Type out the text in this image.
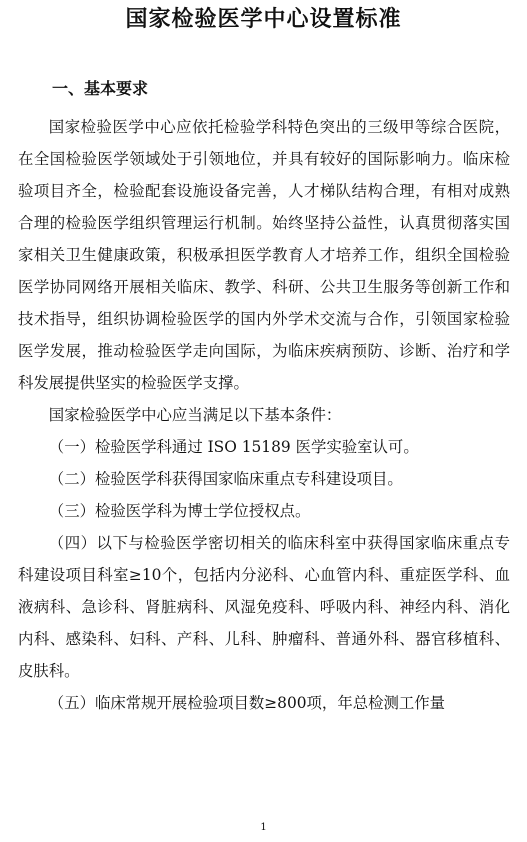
国家检验医学中心设置标准
一、基本要求

国家检验医学中心应依托检验学科特色突出的三级甲等综合医院，在全国检验医学领域处于引领地位，并具有较好的国际影响力。临床检验项目齐全，检验配套设施设备完善，人才梯队结构合理，有相对成熟合理的检验医学组织管理运行机制。始终坚持公益性，认真贯彻落实国家相关卫生健康政策，积极承担医学教育人才培养工作，组织全国检验医学协同网络开展相关临床、教学、科研、公共卫生服务等创新工作和技术指导，组织协调检验医学的国内外学术交流与合作，引领国家检验医学发展，推动检验医学走向国际，为临床疾病预防、诊断、治疗和学科发展提供坚实的检验医学支撑。

国家检验医学中心应当满足以下基本条件：

（一）检验医学科通过 ISO 15189 医学实验室认可。

（二）检验医学科获得国家临床重点专科建设项目。

（三）检验医学科为博士学位授权点。

（四）以下与检验医学密切相关的临床科室中获得国家临床重点专科建设项目科室≥10个，包括内分泌科、心血管内科、重症医学科、血液病科、急诊科、肾脏病科、风湿免疫科、呼吸内科、神经内科、消化内科、感染科、妇科、产科、儿科、肿瘤科、普通外科、器官移植科、皮肤科。

（五）临床常规开展检验项目数≥800项，年总检测工作量

1
